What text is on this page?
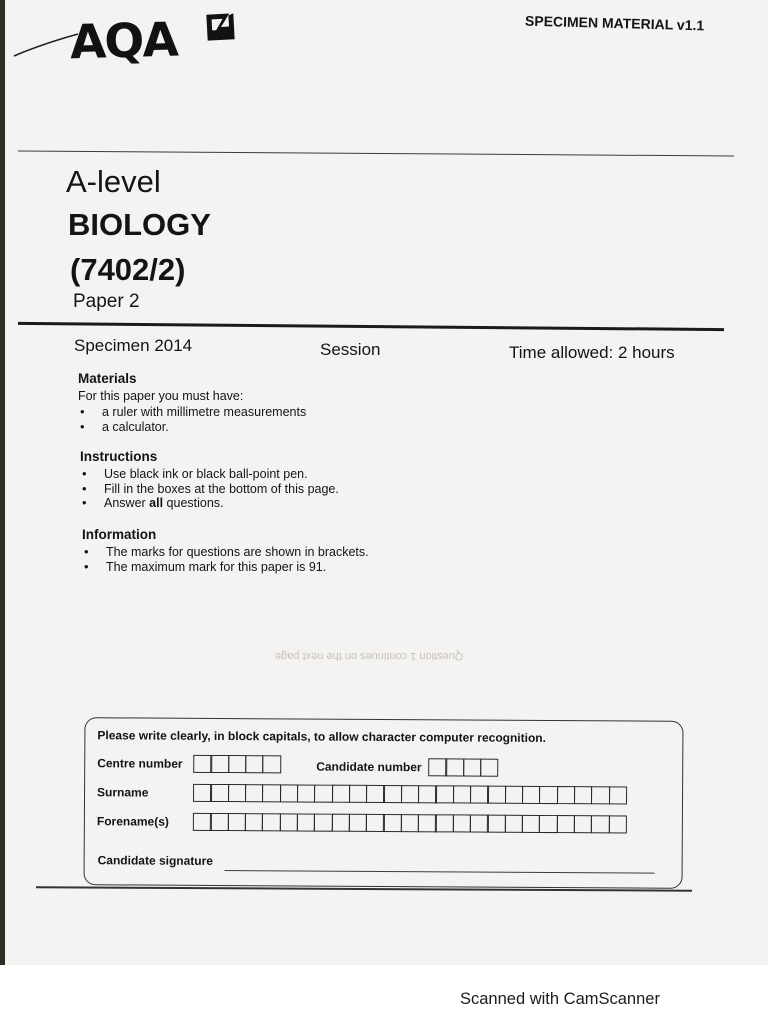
AQA	SPECIMEN MATERIAL v1.1
A-level
BIOLOGY
(7402/2)
Paper 2
Specimen 2014	Session	Time allowed: 2 hours
Materials
For this paper you must have:
• a ruler with millimetre measurements
• a calculator.
Instructions
• Use black ink or black ball-point pen.
• Fill in the boxes at the bottom of this page.
• Answer all questions.
Information
• The marks for questions are shown in brackets.
• The maximum mark for this paper is 91.
Question 1 continues on the next page
Please write clearly, in block capitals, to allow character computer recognition.
Centre number	Candidate number
Surname
Forename(s)
Candidate signature
Scanned with CamScanner
